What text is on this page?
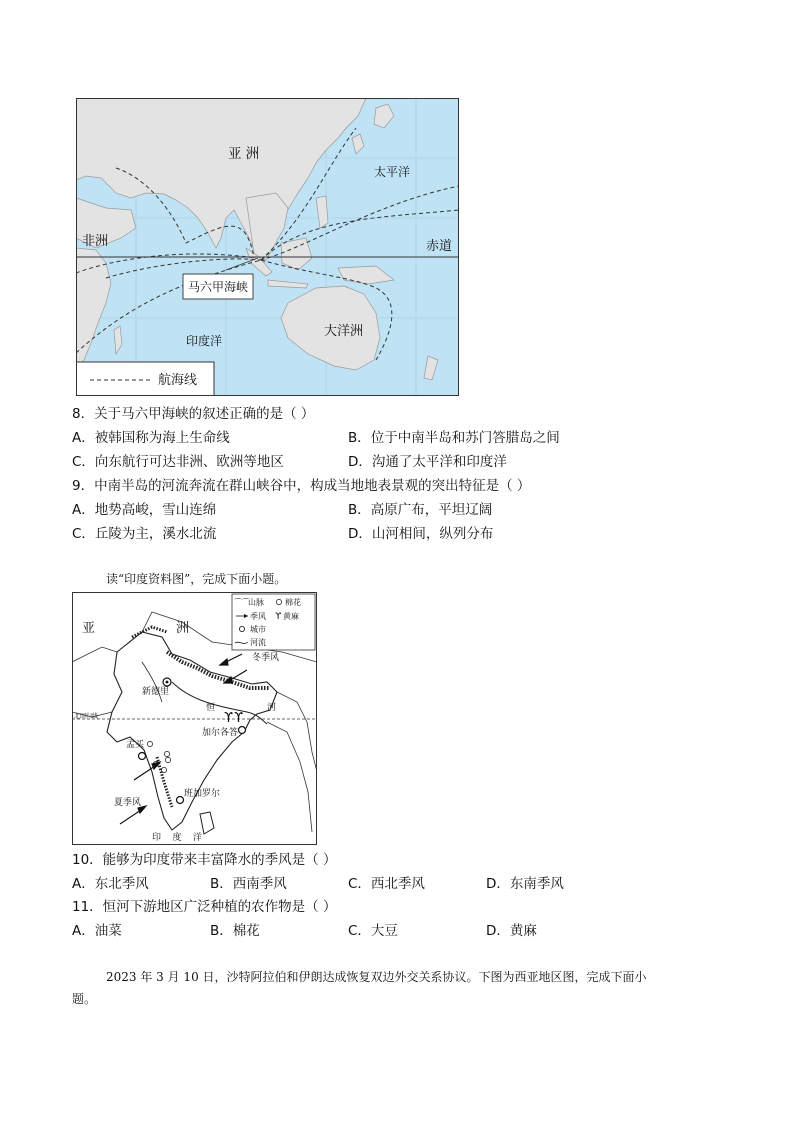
马六甲海峡
航海线
亚 洲
太平洋
非洲	赤道
印度洋
大洋洲
8．关于马六甲海峡的叙述正确的是（ ）
A．被韩国称为海上生命线	B．位于中南半岛和苏门答腊岛之间
C．向东航行可达非洲、欧洲等地区	D．沟通了太平洋和印度洋
9．中南半岛的河流奔流在群山峡谷中，构成当地地表景观的突出特征是（ ）
A．地势高峻，雪山连绵	B．高原广布，平坦辽阔
C．丘陵为主，溪水北流	D．山河相间，纵列分布
读“印度资料图”，完成下面小题。
ϒ ϒ
⌒⌒
山脉	棉花
季风 ϒ 黄麻
城市
河流
亚	洲
冬季风
新德里
恒	河
北回归线
加尔各答
孟买
夏季风
班加罗尔
印    度    洋
10．能够为印度带来丰富降水的季风是（ ）
A．东北季风	B．西南季风	C．西北季风	D．东南季风
11．恒河下游地区广泛种植的农作物是（ ）
A．油菜	B．棉花	C．大豆	D．黄麻
2023 年 3 月 10 日，沙特阿拉伯和伊朗达成恢复双边外交关系协议。下图为西亚地区图，完成下面小
题。
